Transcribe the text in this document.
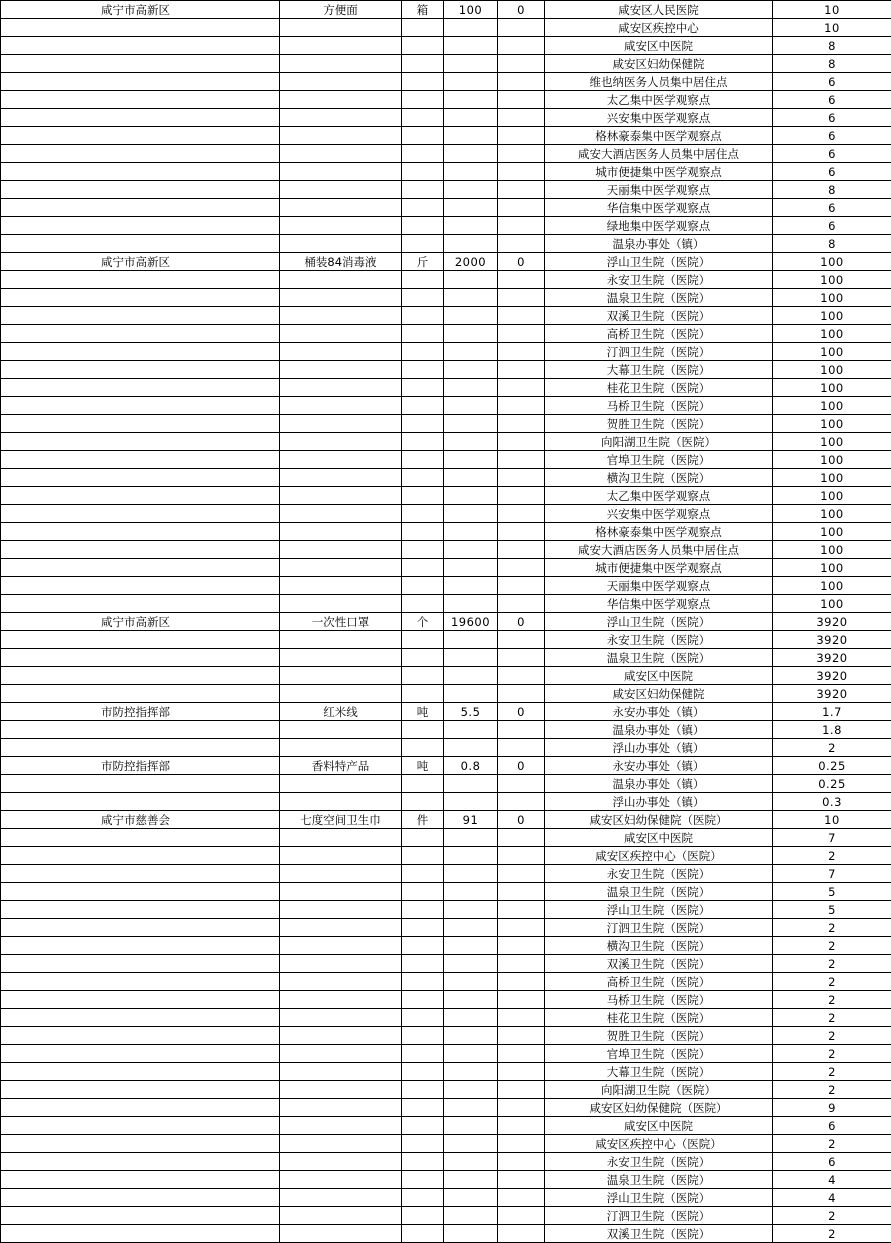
咸宁市高新区	方便面	箱	100	0	咸安区人民医院	10
					咸安区疾控中心	10
					咸安区中医院	8
					咸安区妇幼保健院	8
					维也纳医务人员集中居住点	6
					太乙集中医学观察点	6
					兴安集中医学观察点	6
					格林豪泰集中医学观察点	6
					咸安大酒店医务人员集中居住点	6
					城市便捷集中医学观察点	6
					天丽集中医学观察点	8
					华信集中医学观察点	6
					绿地集中医学观察点	6
					温泉办事处（镇）	8
咸宁市高新区	桶装84消毒液	斤	2000	0	浮山卫生院（医院）	100
					永安卫生院（医院）	100
					温泉卫生院（医院）	100
					双溪卫生院（医院）	100
					高桥卫生院（医院）	100
					汀泗卫生院（医院）	100
					大幕卫生院（医院）	100
					桂花卫生院（医院）	100
					马桥卫生院（医院）	100
					贺胜卫生院（医院）	100
					向阳湖卫生院（医院）	100
					官埠卫生院（医院）	100
					横沟卫生院（医院）	100
					太乙集中医学观察点	100
					兴安集中医学观察点	100
					格林豪泰集中医学观察点	100
					咸安大酒店医务人员集中居住点	100
					城市便捷集中医学观察点	100
					天丽集中医学观察点	100
					华信集中医学观察点	100
咸宁市高新区	一次性口罩	个	19600	0	浮山卫生院（医院）	3920
					永安卫生院（医院）	3920
					温泉卫生院（医院）	3920
					咸安区中医院	3920
					咸安区妇幼保健院	3920
市防控指挥部	红米线	吨	5.5	0	永安办事处（镇）	1.7
					温泉办事处（镇）	1.8
					浮山办事处（镇）	2
市防控指挥部	香料特产品	吨	0.8	0	永安办事处（镇）	0.25
					温泉办事处（镇）	0.25
					浮山办事处（镇）	0.3
咸宁市慈善会	七度空间卫生巾	件	91	0	咸安区妇幼保健院（医院）	10
					咸安区中医院	7
					咸安区疾控中心（医院）	2
					永安卫生院（医院）	7
					温泉卫生院（医院）	5
					浮山卫生院（医院）	5
					汀泗卫生院（医院）	2
					横沟卫生院（医院）	2
					双溪卫生院（医院）	2
					高桥卫生院（医院）	2
					马桥卫生院（医院）	2
					桂花卫生院（医院）	2
					贺胜卫生院（医院）	2
					官埠卫生院（医院）	2
					大幕卫生院（医院）	2
					向阳湖卫生院（医院）	2
					咸安区妇幼保健院（医院）	9
					咸安区中医院	6
					咸安区疾控中心（医院）	2
					永安卫生院（医院）	6
					温泉卫生院（医院）	4
					浮山卫生院（医院）	4
					汀泗卫生院（医院）	2
					双溪卫生院（医院）	2
